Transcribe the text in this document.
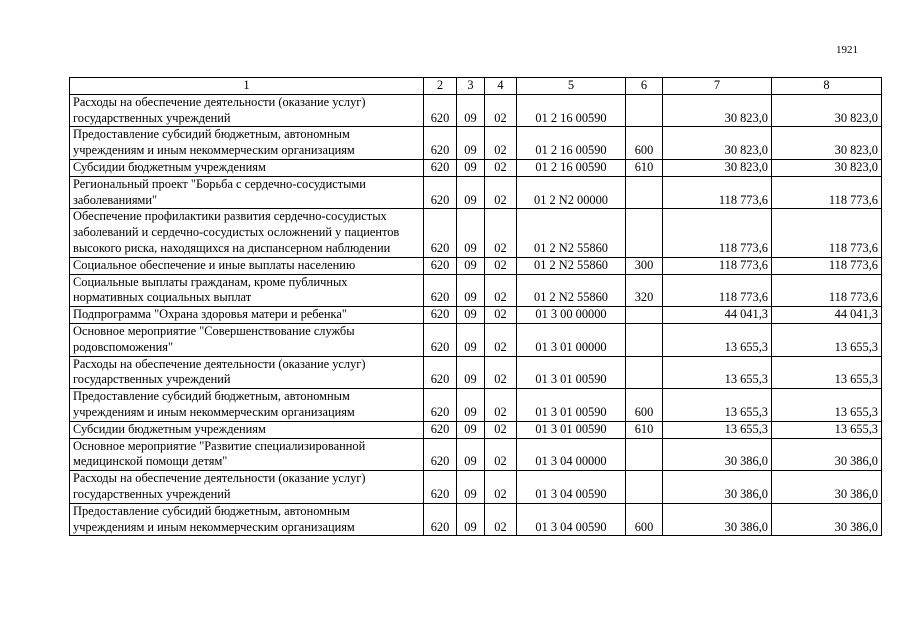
1921
1	2	3	4	5	6	7	8
Расходы на обеспечение деятельности (оказание услуг) государственных учреждений	620	09	02	01 2 16 00590		30 823,0	30 823,0
Предоставление субсидий бюджетным, автономным учреждениям и иным некоммерческим организациям	620	09	02	01 2 16 00590	600	30 823,0	30 823,0
Субсидии бюджетным учреждениям	620	09	02	01 2 16 00590	610	30 823,0	30 823,0
Региональный проект "Борьба с сердечно-сосудистыми заболеваниями"	620	09	02	01 2 N2 00000		118 773,6	118 773,6
Обеспечение профилактики развития сердечно-сосудистых заболеваний и сердечно-сосудистых осложнений у пациентов высокого риска, находящихся на диспансерном наблюдении	620	09	02	01 2 N2 55860		118 773,6	118 773,6
Социальное обеспечение и иные выплаты населению	620	09	02	01 2 N2 55860	300	118 773,6	118 773,6
Социальные выплаты гражданам, кроме публичных нормативных социальных выплат	620	09	02	01 2 N2 55860	320	118 773,6	118 773,6
Подпрограмма "Охрана здоровья матери и ребенка"	620	09	02	01 3 00 00000		44 041,3	44 041,3
Основное мероприятие "Совершенствование службы родовспоможения"	620	09	02	01 3 01 00000		13 655,3	13 655,3
Расходы на обеспечение деятельности (оказание услуг) государственных учреждений	620	09	02	01 3 01 00590		13 655,3	13 655,3
Предоставление субсидий бюджетным, автономным учреждениям и иным некоммерческим организациям	620	09	02	01 3 01 00590	600	13 655,3	13 655,3
Субсидии бюджетным учреждениям	620	09	02	01 3 01 00590	610	13 655,3	13 655,3
Основное мероприятие "Развитие специализированной медицинской помощи детям"	620	09	02	01 3 04 00000		30 386,0	30 386,0
Расходы на обеспечение деятельности (оказание услуг) государственных учреждений	620	09	02	01 3 04 00590		30 386,0	30 386,0
Предоставление субсидий бюджетным, автономным учреждениям и иным некоммерческим организациям	620	09	02	01 3 04 00590	600	30 386,0	30 386,0
